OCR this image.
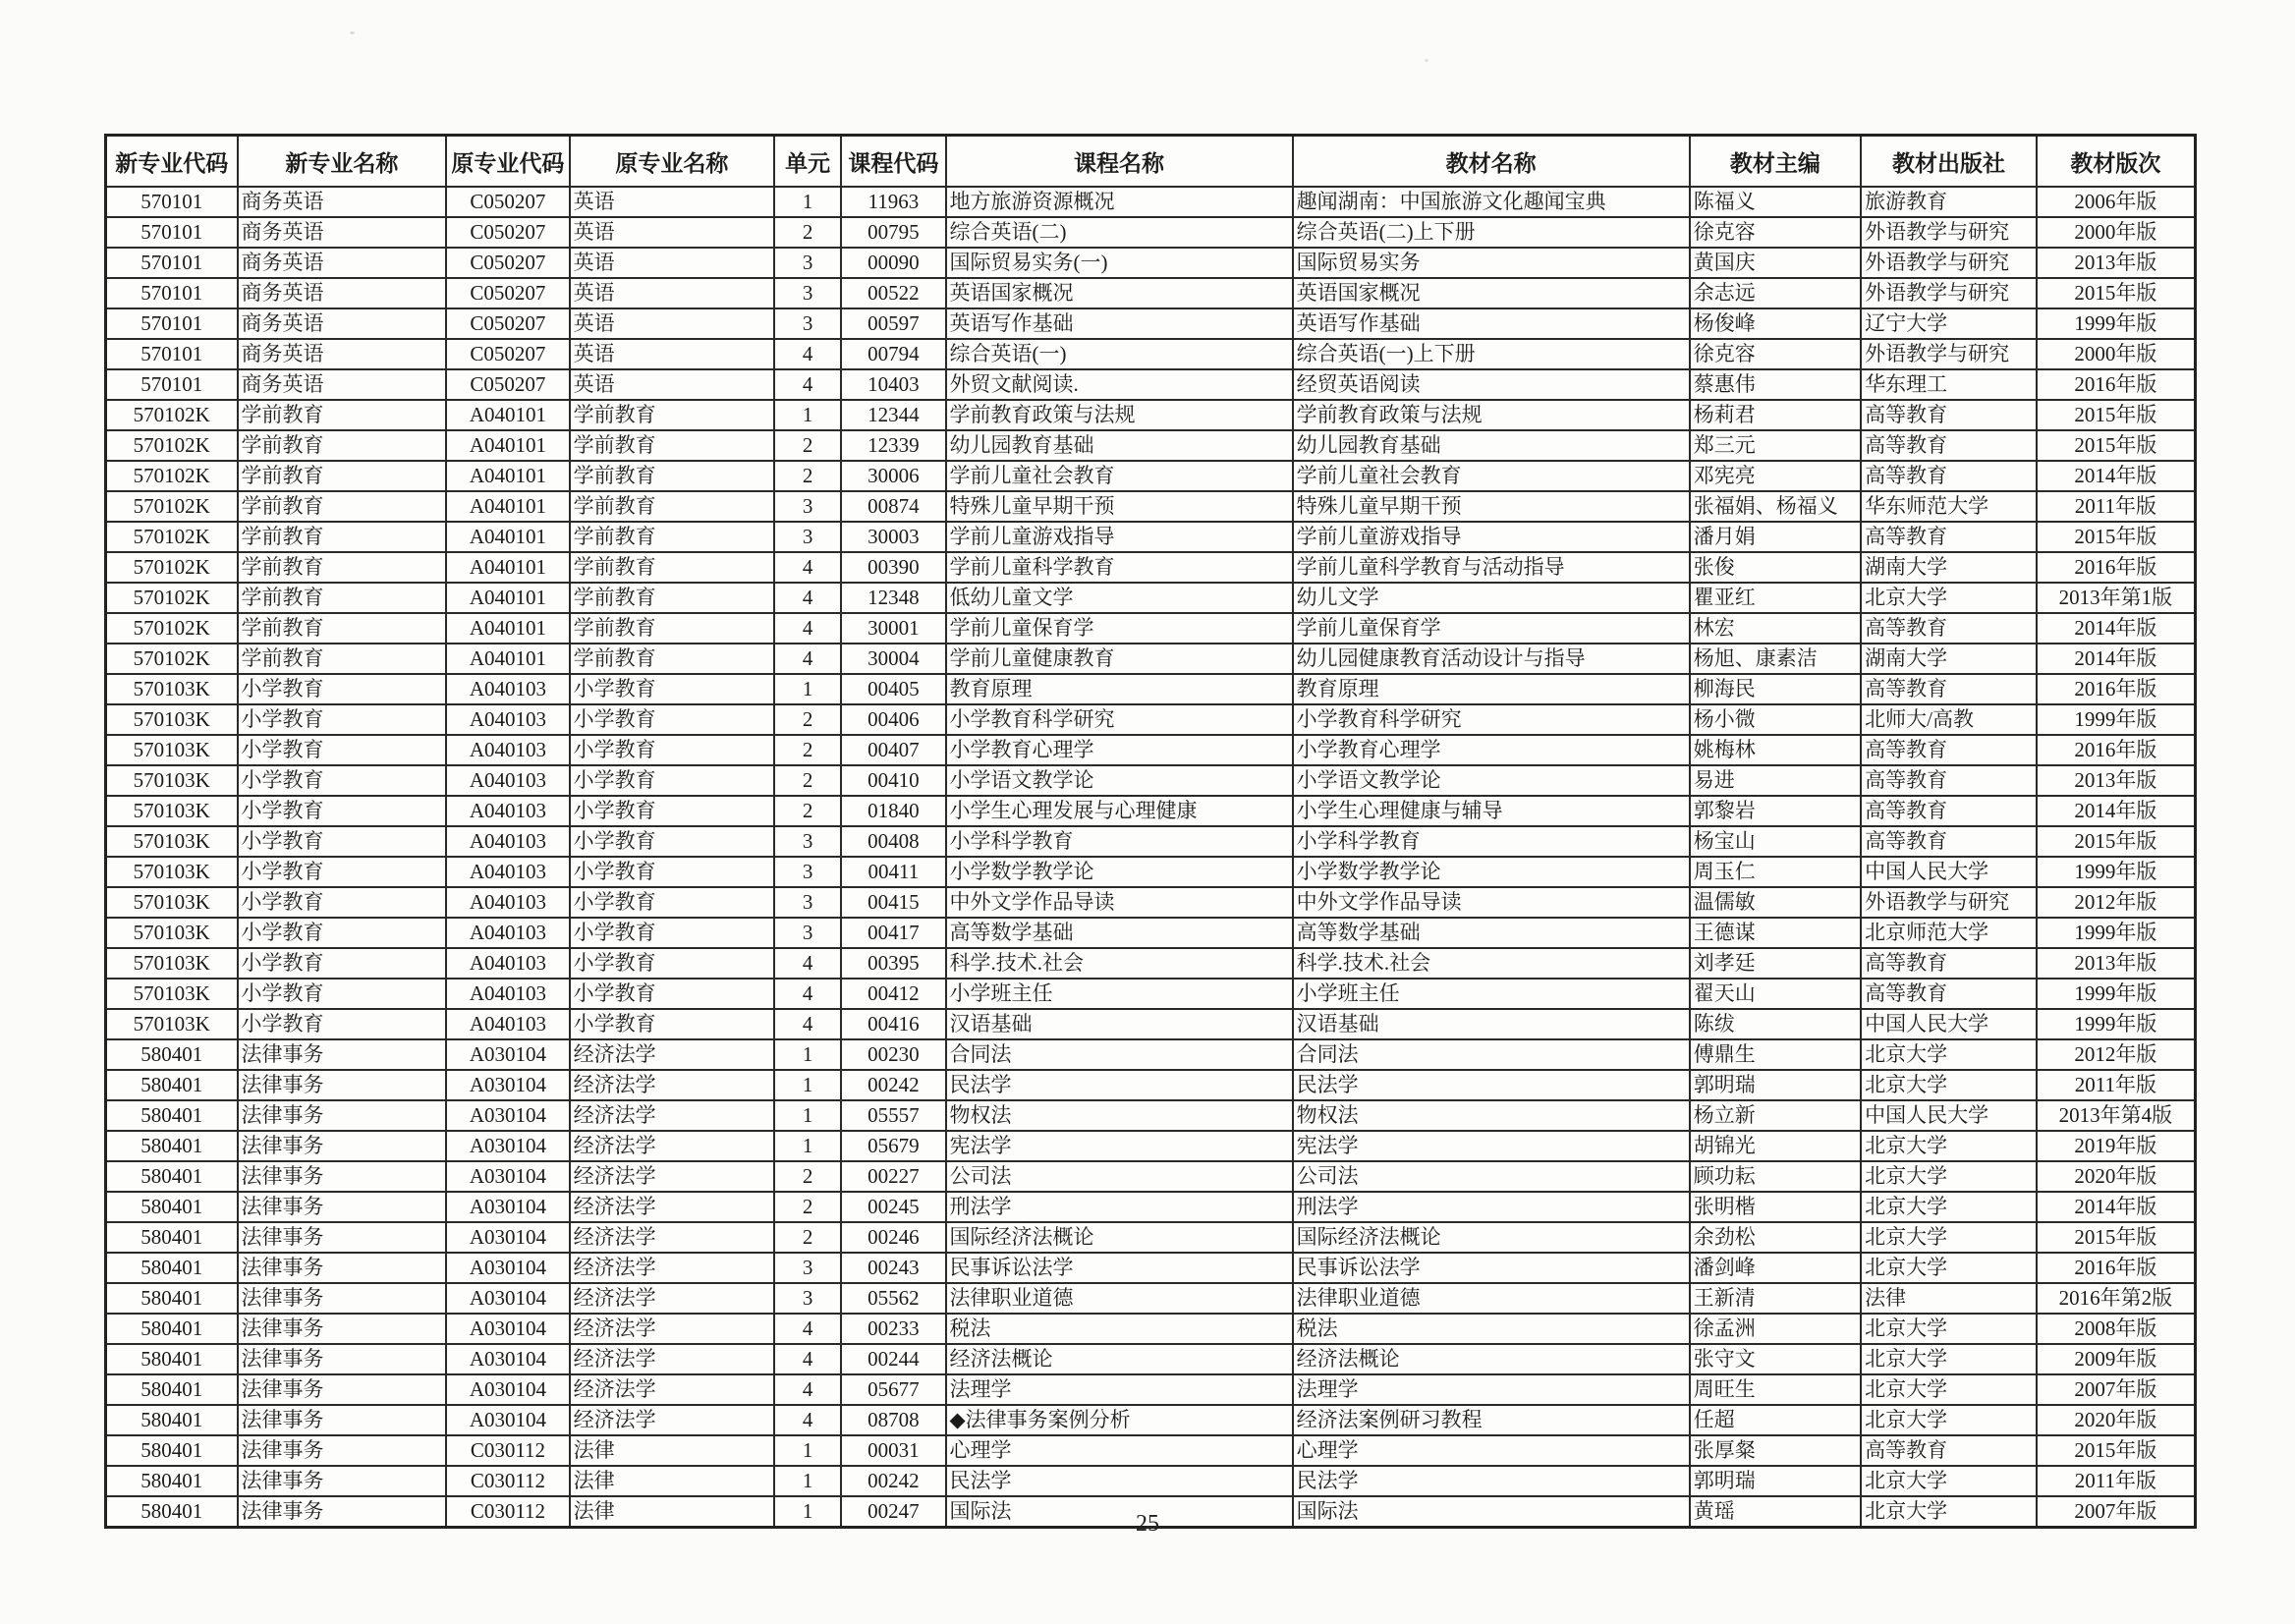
新专业代码	新专业名称	原专业代码	原专业名称	单元	课程代码	课程名称	教材名称	教材主编	教材出版社	教材版次
570101	商务英语	C050207	英语	1	11963	地方旅游资源概况	趣闻湖南：中国旅游文化趣闻宝典	陈福义	旅游教育	2006年版
570101	商务英语	C050207	英语	2	00795	综合英语(二)	综合英语(二)上下册	徐克容	外语教学与研究	2000年版
570101	商务英语	C050207	英语	3	00090	国际贸易实务(一)	国际贸易实务	黄国庆	外语教学与研究	2013年版
570101	商务英语	C050207	英语	3	00522	英语国家概况	英语国家概况	余志远	外语教学与研究	2015年版
570101	商务英语	C050207	英语	3	00597	英语写作基础	英语写作基础	杨俊峰	辽宁大学	1999年版
570101	商务英语	C050207	英语	4	00794	综合英语(一)	综合英语(一)上下册	徐克容	外语教学与研究	2000年版
570101	商务英语	C050207	英语	4	10403	外贸文献阅读.	经贸英语阅读	蔡惠伟	华东理工	2016年版
570102K	学前教育	A040101	学前教育	1	12344	学前教育政策与法规	学前教育政策与法规	杨莉君	高等教育	2015年版
570102K	学前教育	A040101	学前教育	2	12339	幼儿园教育基础	幼儿园教育基础	郑三元	高等教育	2015年版
570102K	学前教育	A040101	学前教育	2	30006	学前儿童社会教育	学前儿童社会教育	邓宪亮	高等教育	2014年版
570102K	学前教育	A040101	学前教育	3	00874	特殊儿童早期干预	特殊儿童早期干预	张福娟、杨福义	华东师范大学	2011年版
570102K	学前教育	A040101	学前教育	3	30003	学前儿童游戏指导	学前儿童游戏指导	潘月娟	高等教育	2015年版
570102K	学前教育	A040101	学前教育	4	00390	学前儿童科学教育	学前儿童科学教育与活动指导	张俊	湖南大学	2016年版
570102K	学前教育	A040101	学前教育	4	12348	低幼儿童文学	幼儿文学	瞿亚红	北京大学	2013年第1版
570102K	学前教育	A040101	学前教育	4	30001	学前儿童保育学	学前儿童保育学	林宏	高等教育	2014年版
570102K	学前教育	A040101	学前教育	4	30004	学前儿童健康教育	幼儿园健康教育活动设计与指导	杨旭、康素洁	湖南大学	2014年版
570103K	小学教育	A040103	小学教育	1	00405	教育原理	教育原理	柳海民	高等教育	2016年版
570103K	小学教育	A040103	小学教育	2	00406	小学教育科学研究	小学教育科学研究	杨小微	北师大/高教	1999年版
570103K	小学教育	A040103	小学教育	2	00407	小学教育心理学	小学教育心理学	姚梅林	高等教育	2016年版
570103K	小学教育	A040103	小学教育	2	00410	小学语文教学论	小学语文教学论	易进	高等教育	2013年版
570103K	小学教育	A040103	小学教育	2	01840	小学生心理发展与心理健康	小学生心理健康与辅导	郭黎岩	高等教育	2014年版
570103K	小学教育	A040103	小学教育	3	00408	小学科学教育	小学科学教育	杨宝山	高等教育	2015年版
570103K	小学教育	A040103	小学教育	3	00411	小学数学教学论	小学数学教学论	周玉仁	中国人民大学	1999年版
570103K	小学教育	A040103	小学教育	3	00415	中外文学作品导读	中外文学作品导读	温儒敏	外语教学与研究	2012年版
570103K	小学教育	A040103	小学教育	3	00417	高等数学基础	高等数学基础	王德谋	北京师范大学	1999年版
570103K	小学教育	A040103	小学教育	4	00395	科学.技术.社会	科学.技术.社会	刘孝廷	高等教育	2013年版
570103K	小学教育	A040103	小学教育	4	00412	小学班主任	小学班主任	翟天山	高等教育	1999年版
570103K	小学教育	A040103	小学教育	4	00416	汉语基础	汉语基础	陈绂	中国人民大学	1999年版
580401	法律事务	A030104	经济法学	1	00230	合同法	合同法	傅鼎生	北京大学	2012年版
580401	法律事务	A030104	经济法学	1	00242	民法学	民法学	郭明瑞	北京大学	2011年版
580401	法律事务	A030104	经济法学	1	05557	物权法	物权法	杨立新	中国人民大学	2013年第4版
580401	法律事务	A030104	经济法学	1	05679	宪法学	宪法学	胡锦光	北京大学	2019年版
580401	法律事务	A030104	经济法学	2	00227	公司法	公司法	顾功耘	北京大学	2020年版
580401	法律事务	A030104	经济法学	2	00245	刑法学	刑法学	张明楷	北京大学	2014年版
580401	法律事务	A030104	经济法学	2	00246	国际经济法概论	国际经济法概论	余劲松	北京大学	2015年版
580401	法律事务	A030104	经济法学	3	00243	民事诉讼法学	民事诉讼法学	潘剑峰	北京大学	2016年版
580401	法律事务	A030104	经济法学	3	05562	法律职业道德	法律职业道德	王新清	法律	2016年第2版
580401	法律事务	A030104	经济法学	4	00233	税法	税法	徐孟洲	北京大学	2008年版
580401	法律事务	A030104	经济法学	4	00244	经济法概论	经济法概论	张守文	北京大学	2009年版
580401	法律事务	A030104	经济法学	4	05677	法理学	法理学	周旺生	北京大学	2007年版
580401	法律事务	A030104	经济法学	4	08708	◆法律事务案例分析	经济法案例研习教程	任超	北京大学	2020年版
580401	法律事务	C030112	法律	1	00031	心理学	心理学	张厚粲	高等教育	2015年版
580401	法律事务	C030112	法律	1	00242	民法学	民法学	郭明瑞	北京大学	2011年版
580401	法律事务	C030112	法律	1	00247	国际法	国际法	黄瑶	北京大学	2007年版
25
